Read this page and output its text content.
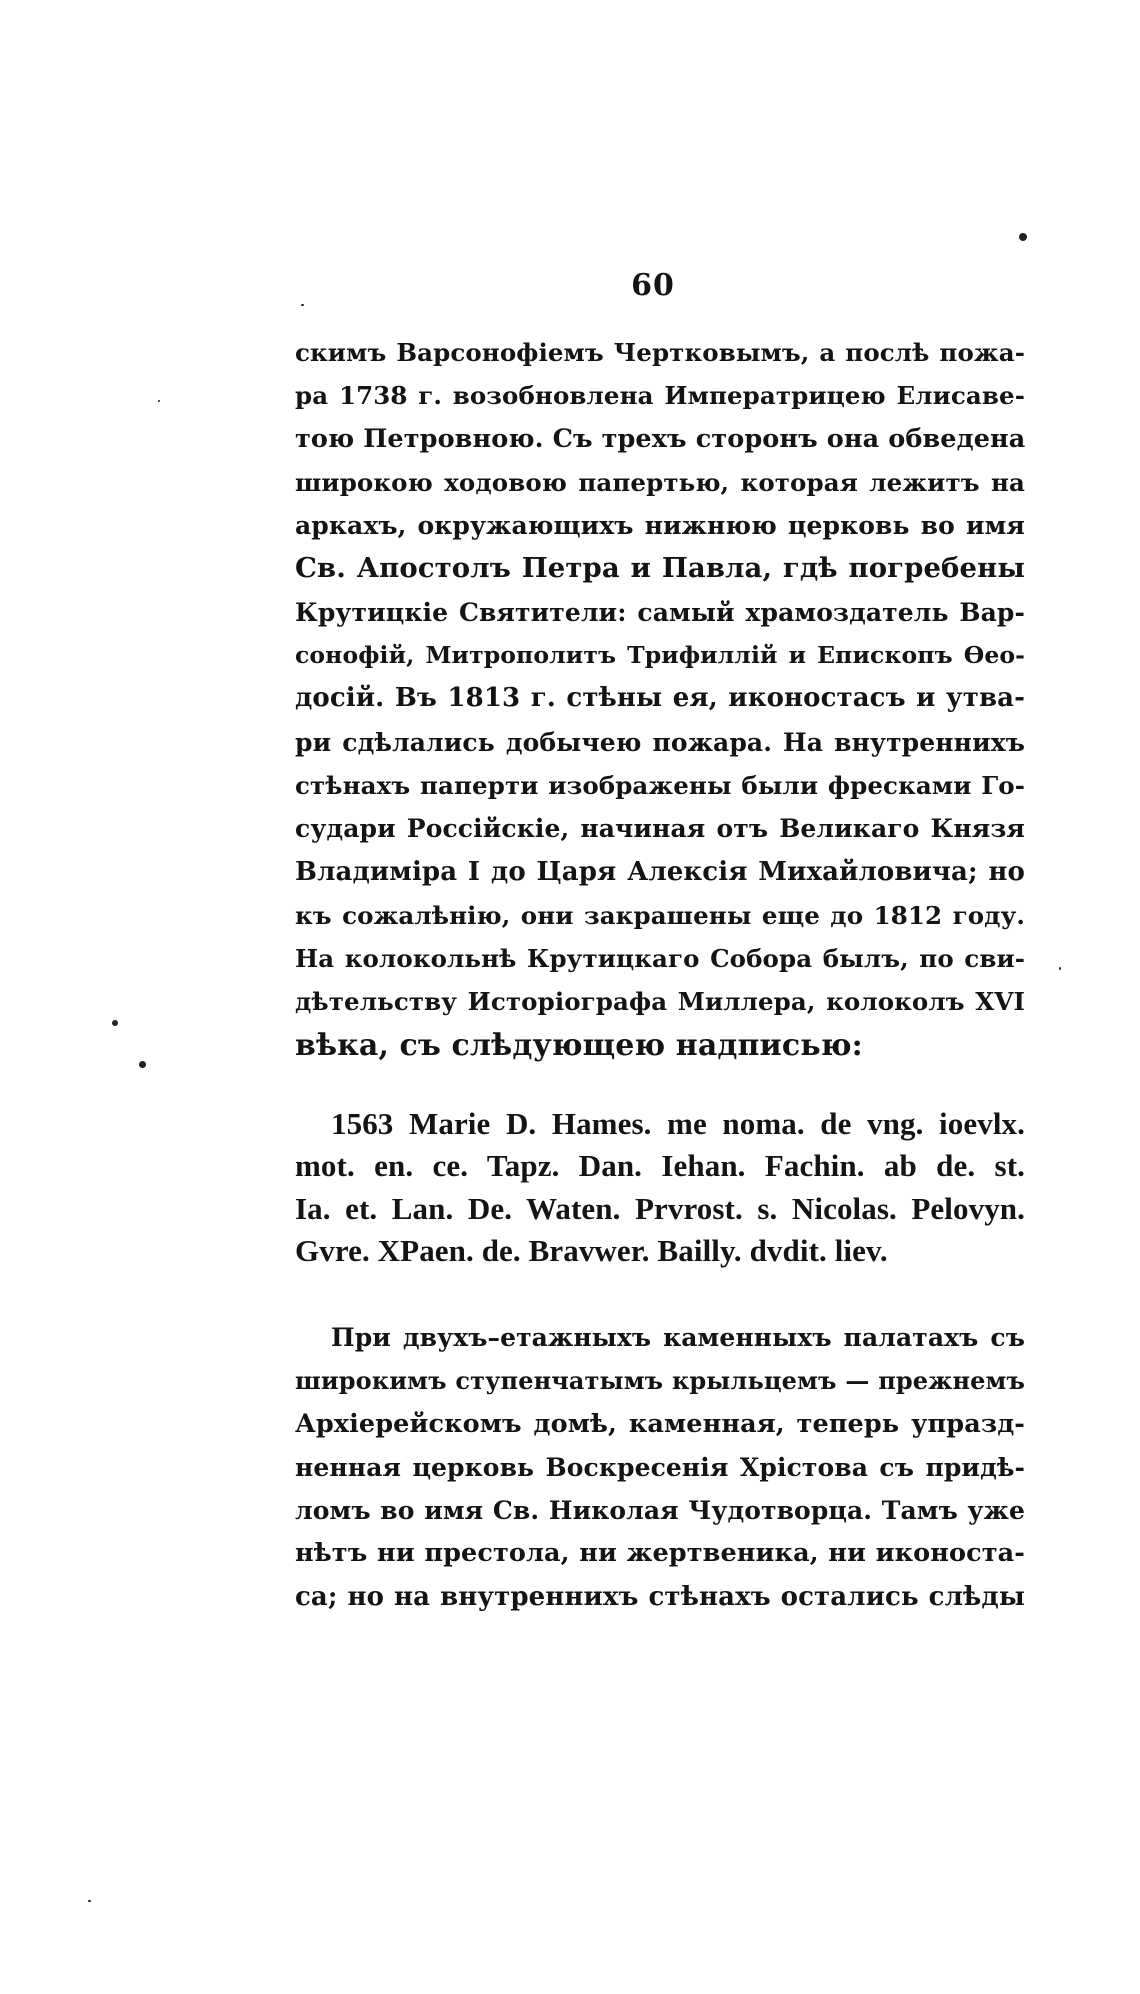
60
скимъ Варсонофіемъ Чертковымъ, а послѣ пожа-
ра 1738 г. возобновлена Императрицею Елисаве-
тою Петровною. Съ трехъ сторонъ она обведена
широкою ходовою папертью, которая лежитъ на
аркахъ, окружающихъ нижнюю церковь во имя
Св. Апостолъ Петра и Павла, гдѣ погребены
Крутицкіе Святители: самый храмоздатель Вар-
сонофій, Митрополитъ Трифиллій и Епископъ Ѳео-
досій. Въ 1813 г. стѣны ея, иконостасъ и утва-
ри сдѣлались добычею пожара. На внутреннихъ
стѣнахъ паперти изображены были фресками Го-
судари Россійскіе, начиная отъ Великаго Князя
Владиміра I до Царя Алексія Михайловича; но
къ сожалѣнію, они закрашены еще до 1812 году.
На колокольнѣ Крутицкаго Собора былъ, по сви-
дѣтельству Исторіографа Миллера, колоколъ XVI
вѣка, съ слѣдующею надписью:
1563 Marie D. Hames. me noma. de vng. ioevlx.
mot. en. ce. Tapz. Dan. Iehan. Fachin. ab de. st.
Ia. et. Lan. De. Waten. Prvrost. s. Nicolas. Pelovyn.
Gvre. XPaen. de. Bravwer. Bailly. dvdit. liev.
При двухъ–етажныхъ каменныхъ палатахъ съ
широкимъ ступенчатымъ крыльцемъ — прежнемъ
Архіерейскомъ домѣ, каменная, теперь упразд-
ненная церковь Воскресенія Хрістова съ придѣ-
ломъ во имя Св. Николая Чудотворца. Тамъ уже
нѣтъ ни престола, ни жертвеника, ни иконоста-
са; но на внутреннихъ стѣнахъ остались слѣды
